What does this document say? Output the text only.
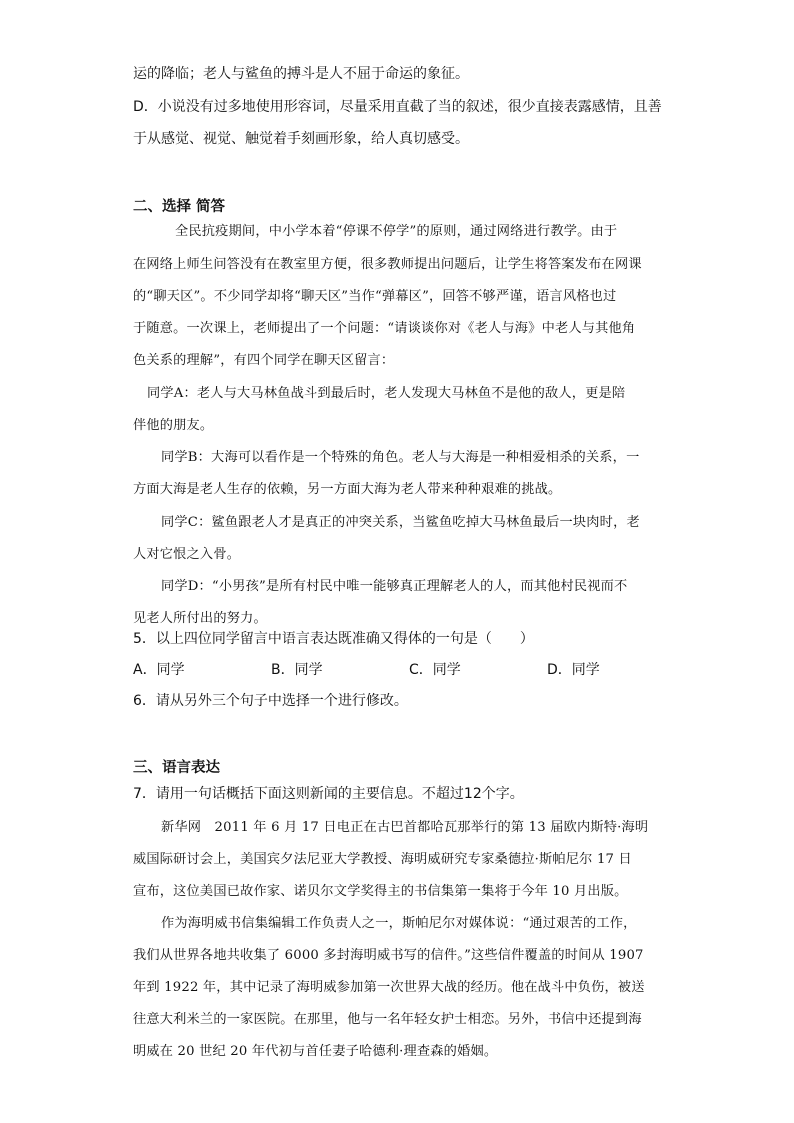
运的降临；老人与鲨鱼的搏斗是人不屈于命运的象征。
D．小说没有过多地使用形容词，尽量采用直截了当的叙述，很少直接表露感情，且善
于从感觉、视觉、触觉着手刻画形象，给人真切感受。
二、选择 简答
全民抗疫期间，中小学本着“停课不停学”的原则，通过网络进行教学。由于
在网络上师生问答没有在教室里方便，很多教师提出问题后，让学生将答案发布在网课
的“聊天区”。不少同学却将“聊天区”当作“弹幕区”，回答不够严谨，语言风格也过
于随意。一次课上，老师提出了一个问题：“请谈谈你对《老人与海》中老人与其他角
色关系的理解”，有四个同学在聊天区留言：
同学A：老人与大马林鱼战斗到最后时，老人发现大马林鱼不是他的敌人，更是陪
伴他的朋友。
同学B：大海可以看作是一个特殊的角色。老人与大海是一种相爱相杀的关系，一
方面大海是老人生存的依赖，另一方面大海为老人带来种种艰难的挑战。
同学C：鲨鱼跟老人才是真正的冲突关系，当鲨鱼吃掉大马林鱼最后一块肉时，老
人对它恨之入骨。
同学D：“小男孩”是所有村民中唯一能够真正理解老人的人，而其他村民视而不
见老人所付出的努力。
5．以上四位同学留言中语言表达既准确又得体的一句是（　　）
A．同学	B．同学	C．同学	D．同学
6．请从另外三个句子中选择一个进行修改。
三、语言表达
7．请用一句话概括下面这则新闻的主要信息。不超过12个字。
新华网　2011 年 6 月 17 日电正在古巴首都哈瓦那举行的第 13 届欧内斯特·海明
威国际研讨会上，美国宾夕法尼亚大学教授、海明威研究专家桑德拉·斯帕尼尔 17 日
宣布，这位美国已故作家、诺贝尔文学奖得主的书信集第一集将于今年 10 月出版。
作为海明威书信集编辑工作负责人之一，斯帕尼尔对媒体说：“通过艰苦的工作，
我们从世界各地共收集了 6000 多封海明威书写的信件。”这些信件覆盖的时间从 1907
年到 1922 年，其中记录了海明威参加第一次世界大战的经历。他在战斗中负伤，被送
往意大利米兰的一家医院。在那里，他与一名年轻女护士相恋。另外，书信中还提到海
明威在 20 世纪 20 年代初与首任妻子哈德利·理查森的婚姻。
